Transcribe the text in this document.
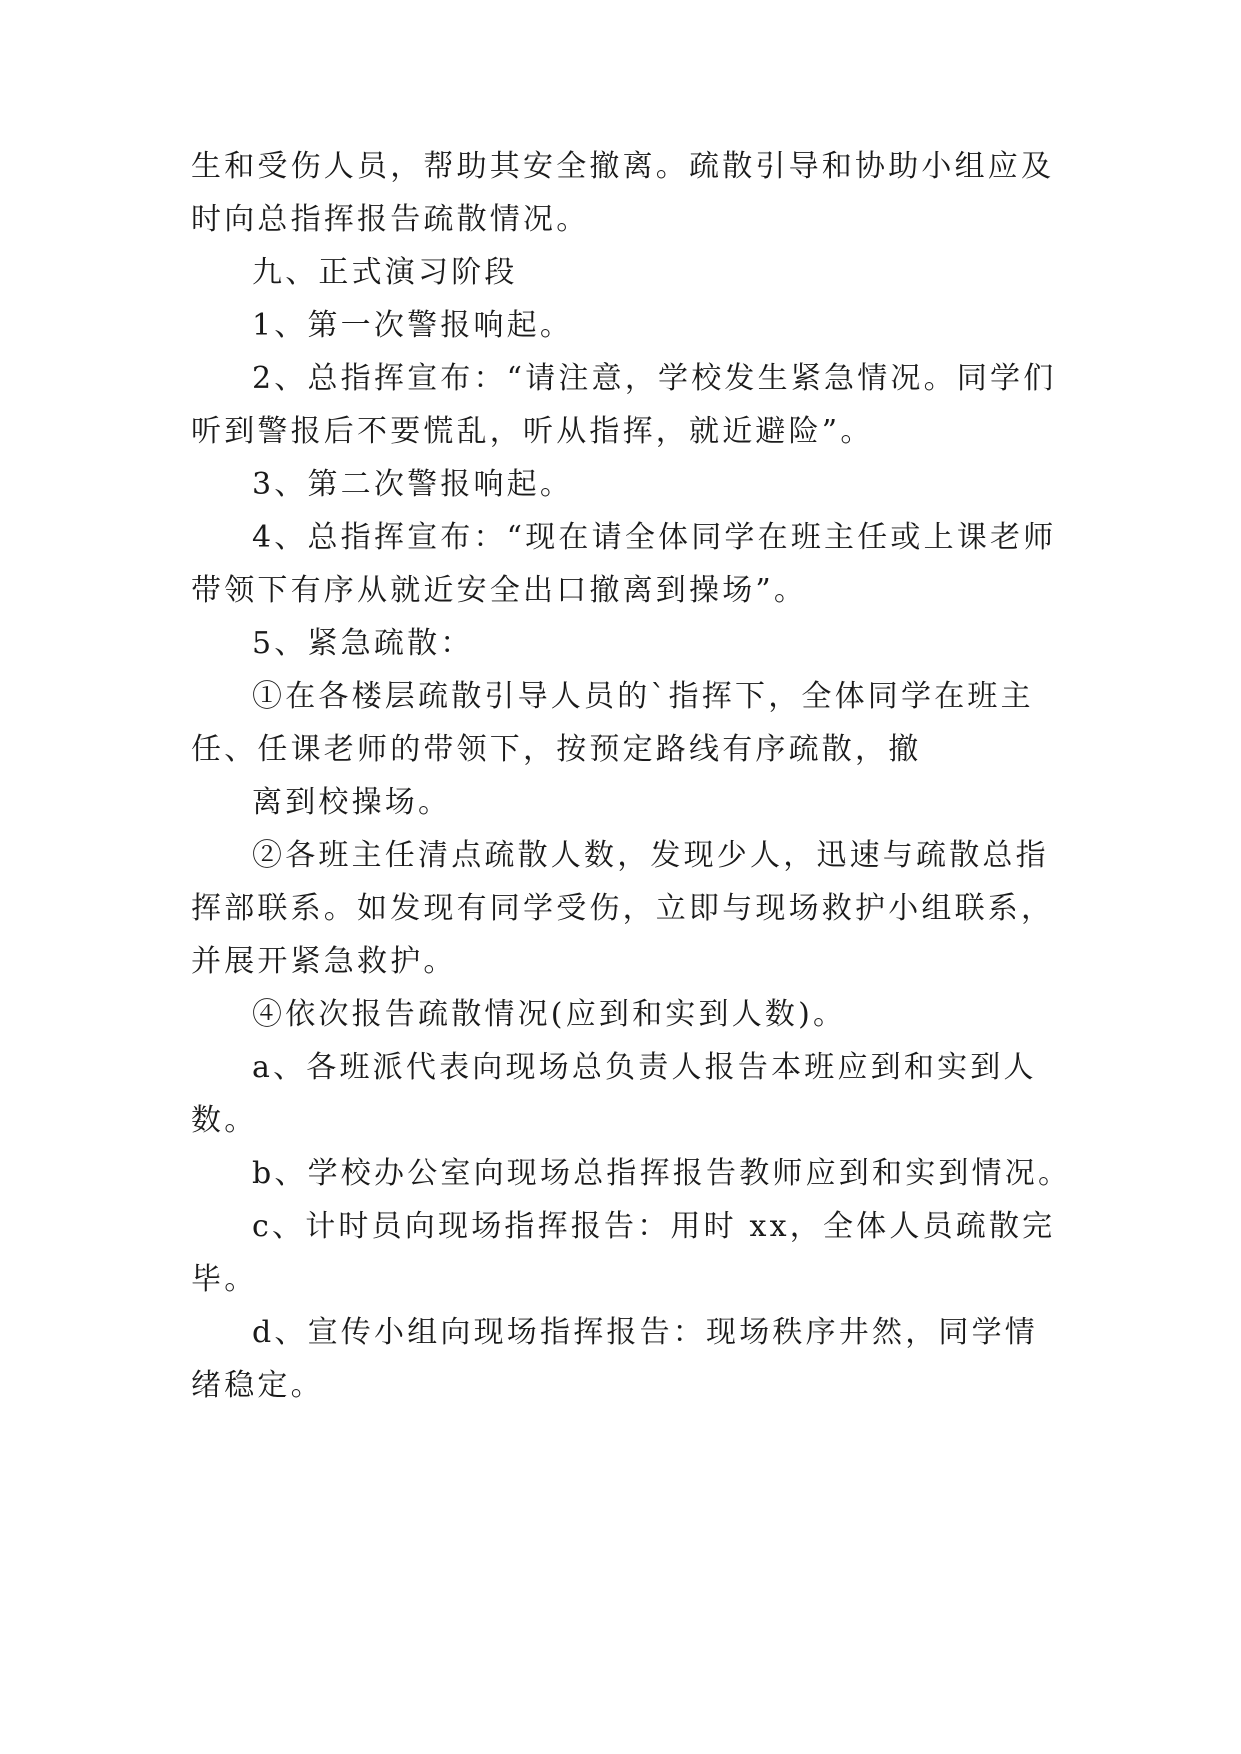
生和受伤人员，帮助其安全撤离。疏散引导和协助小组应及
时向总指挥报告疏散情况。
九、正式演习阶段
1、第一次警报响起。
2、总指挥宣布：“请注意，学校发生紧急情况。同学们
听到警报后不要慌乱，听从指挥，就近避险”。
3、第二次警报响起。
4、总指挥宣布：“现在请全体同学在班主任或上课老师
带领下有序从就近安全出口撤离到操场”。
5、紧急疏散：
①在各楼层疏散引导人员的`指挥下，全体同学在班主
任、任课老师的带领下，按预定路线有序疏散，撤
离到校操场。
②各班主任清点疏散人数，发现少人，迅速与疏散总指
挥部联系。如发现有同学受伤，立即与现场救护小组联系，
并展开紧急救护。
④依次报告疏散情况(应到和实到人数)。
a、各班派代表向现场总负责人报告本班应到和实到人
数。
b、学校办公室向现场总指挥报告教师应到和实到情况。
c、计时员向现场指挥报告：用时 xx，全体人员疏散完
毕。
d、宣传小组向现场指挥报告：现场秩序井然，同学情
绪稳定。
